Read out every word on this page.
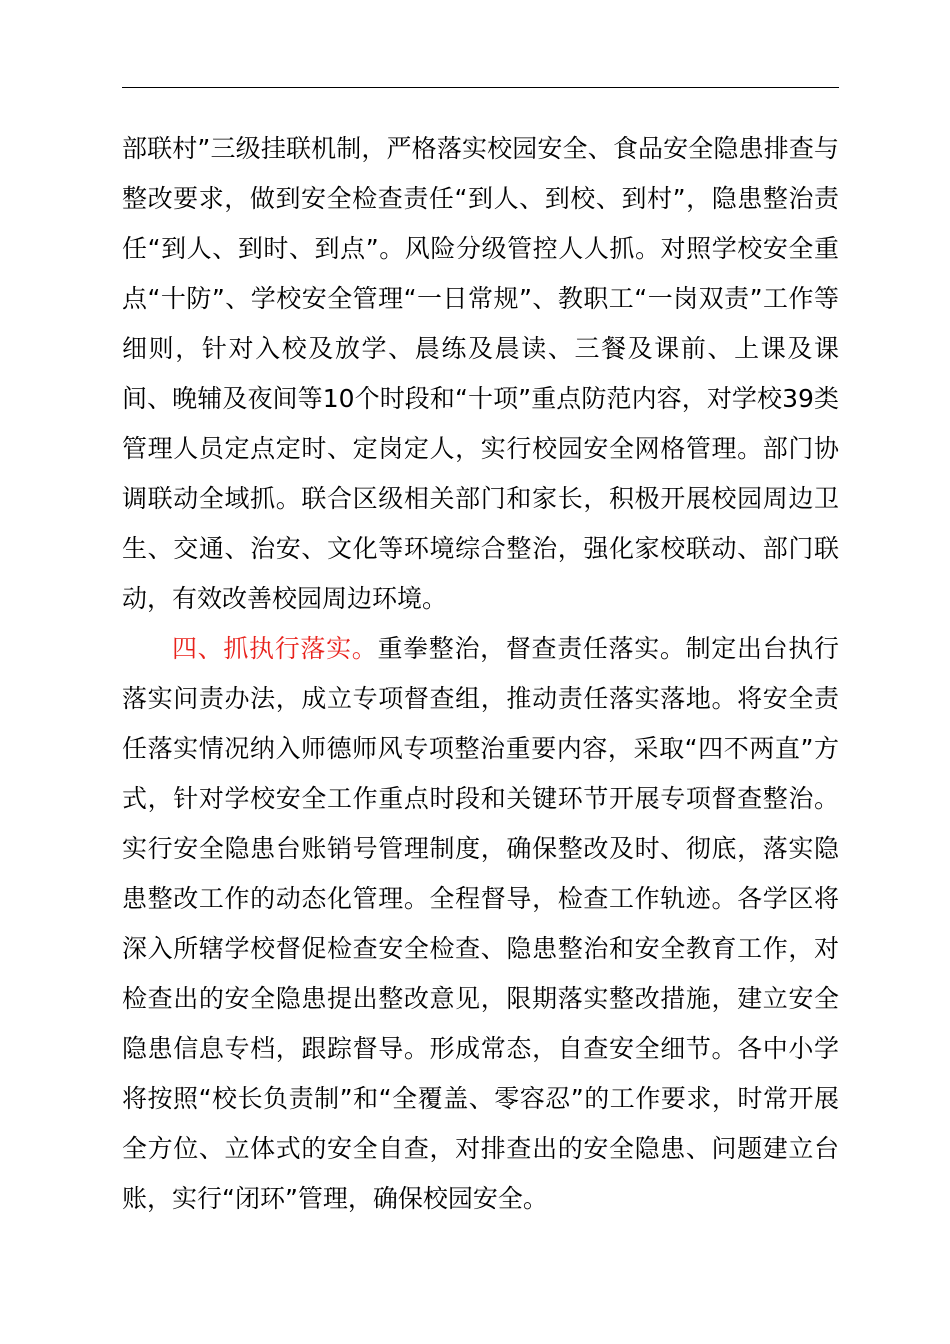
部联村”三级挂联机制，严格落实校园安全、食品安全隐患排查与整改要求，做到安全检查责任“到人、到校、到村”，隐患整治责任“到人、到时、到点”。风险分级管控人人抓。对照学校安全重点“十防”、学校安全管理“一日常规”、教职工“一岗双责”工作等细则，针对入校及放学、晨练及晨读、三餐及课前、上课及课间、晚辅及夜间等10个时段和“十项”重点防范内容，对学校39类管理人员定点定时、定岗定人，实行校园安全网格管理。部门协调联动全域抓。联合区级相关部门和家长，积极开展校园周边卫生、交通、治安、文化等环境综合整治，强化家校联动、部门联动，有效改善校园周边环境。

四、抓执行落实。重拳整治，督查责任落实。制定出台执行落实问责办法，成立专项督查组，推动责任落实落地。将安全责任落实情况纳入师德师风专项整治重要内容，采取“四不两直”方式，针对学校安全工作重点时段和关键环节开展专项督查整治。实行安全隐患台账销号管理制度，确保整改及时、彻底，落实隐患整改工作的动态化管理。全程督导，检查工作轨迹。各学区将深入所辖学校督促检查安全检查、隐患整治和安全教育工作，对检查出的安全隐患提出整改意见，限期落实整改措施，建立安全隐患信息专档，跟踪督导。形成常态，自查安全细节。各中小学将按照“校长负责制”和“全覆盖、零容忍”的工作要求，时常开展全方位、立体式的安全自查，对排查出的安全隐患、问题建立台账，实行“闭环”管理，确保校园安全。
